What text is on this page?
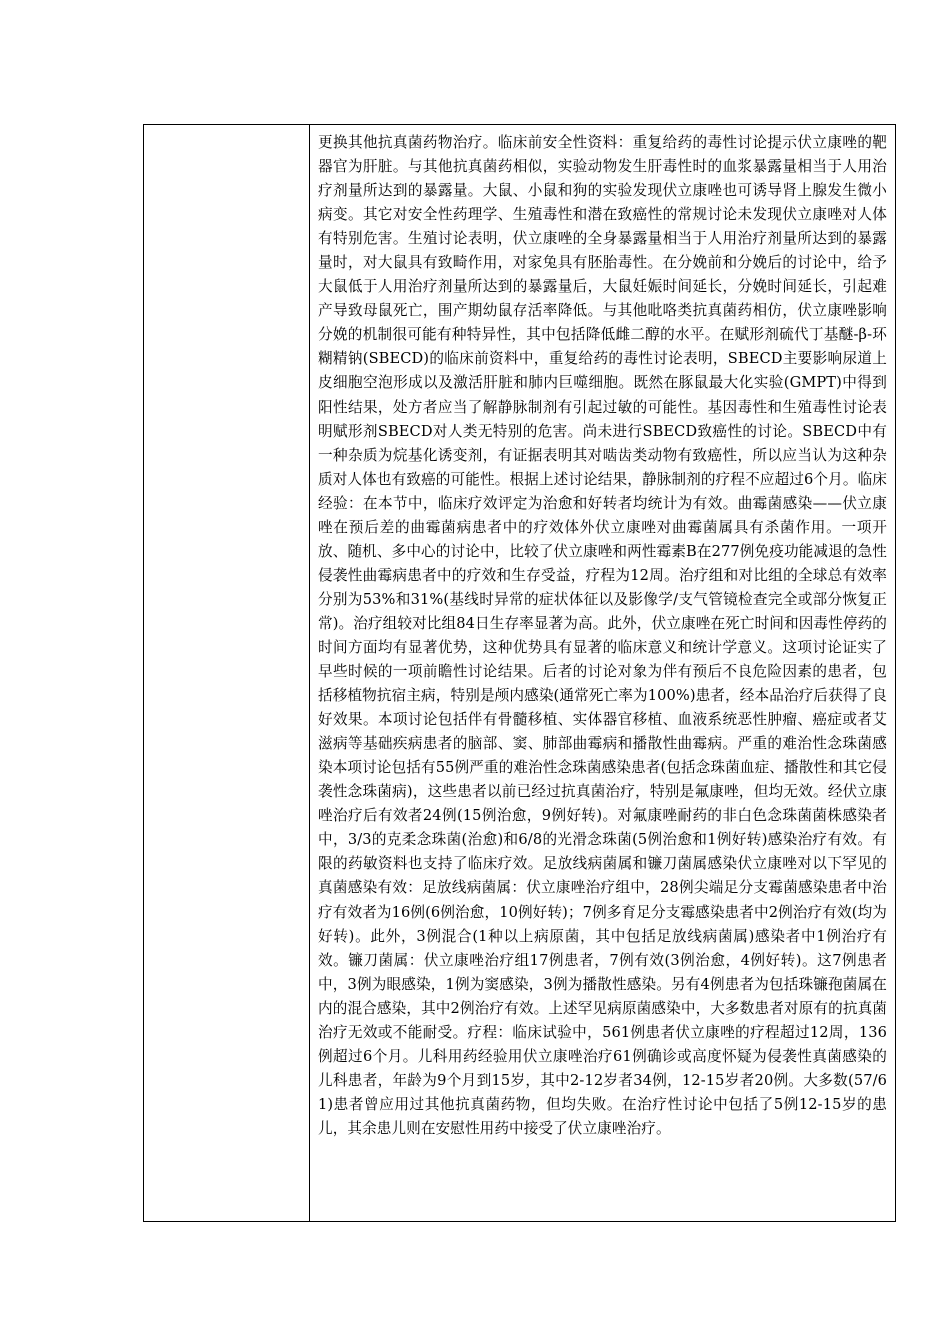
更换其他抗真菌药物治疗。临床前安全性资料：重复给药的毒性讨论提示伏立康唑的靶器官为肝脏。与其他抗真菌药相似，实验动物发生肝毒性时的血浆暴露量相当于人用治疗剂量所达到的暴露量。大鼠、小鼠和狗的实验发现伏立康唑也可诱导肾上腺发生微小病变。其它对安全性药理学、生殖毒性和潜在致癌性的常规讨论未发现伏立康唑对人体有特别危害。生殖讨论表明，伏立康唑的全身暴露量相当于人用治疗剂量所达到的暴露量时，对大鼠具有致畸作用，对家兔具有胚胎毒性。在分娩前和分娩后的讨论中，给予大鼠低于人用治疗剂量所达到的暴露量后，大鼠妊娠时间延长，分娩时间延长，引起难产导致母鼠死亡，围产期幼鼠存活率降低。与其他吡咯类抗真菌药相仿，伏立康唑影响分娩的机制很可能有种特异性，其中包括降低雌二醇的水平。在赋形剂硫代丁基醚-β-环糊精钠(SBECD)的临床前资料中，重复给药的毒性讨论表明，SBECD主要影响尿道上皮细胞空泡形成以及激活肝脏和肺内巨噬细胞。既然在豚鼠最大化实验(GMPT)中得到阳性结果，处方者应当了解静脉制剂有引起过敏的可能性。基因毒性和生殖毒性讨论表明赋形剂SBECD对人类无特别的危害。尚未进行SBECD致癌性的讨论。SBECD中有一种杂质为烷基化诱变剂，有证据表明其对啮齿类动物有致癌性，所以应当认为这种杂质对人体也有致癌的可能性。根据上述讨论结果，静脉制剂的疗程不应超过6个月。临床经验：在本节中，临床疗效评定为治愈和好转者均统计为有效。曲霉菌感染——伏立康唑在预后差的曲霉菌病患者中的疗效体外伏立康唑对曲霉菌属具有杀菌作用。一项开放、随机、多中心的讨论中，比较了伏立康唑和两性霉素B在277例免疫功能减退的急性侵袭性曲霉病患者中的疗效和生存受益，疗程为12周。治疗组和对比组的全球总有效率分别为53%和31%(基线时异常的症状体征以及影像学/支气管镜检查完全或部分恢复正常)。治疗组较对比组84日生存率显著为高。此外，伏立康唑在死亡时间和因毒性停药的时间方面均有显著优势，这种优势具有显著的临床意义和统计学意义。这项讨论证实了早些时候的一项前瞻性讨论结果。后者的讨论对象为伴有预后不良危险因素的患者，包括移植物抗宿主病，特别是颅内感染(通常死亡率为100%)患者，经本品治疗后获得了良好效果。本项讨论包括伴有骨髓移植、实体器官移植、血液系统恶性肿瘤、癌症或者艾滋病等基础疾病患者的脑部、窦、肺部曲霉病和播散性曲霉病。严重的难治性念珠菌感染本项讨论包括有55例严重的难治性念珠菌感染患者(包括念珠菌血症、播散性和其它侵袭性念珠菌病)，这些患者以前已经过抗真菌治疗，特别是氟康唑，但均无效。经伏立康唑治疗后有效者24例(15例治愈，9例好转)。对氟康唑耐药的非白色念珠菌菌株感染者中，3/3的克柔念珠菌(治愈)和6/8的光滑念珠菌(5例治愈和1例好转)感染治疗有效。有限的药敏资料也支持了临床疗效。足放线病菌属和镰刀菌属感染伏立康唑对以下罕见的真菌感染有效：足放线病菌属：伏立康唑治疗组中，28例尖端足分支霉菌感染患者中治疗有效者为16例(6例治愈，10例好转)；7例多育足分支霉感染患者中2例治疗有效(均为好转)。此外，3例混合(1种以上病原菌，其中包括足放线病菌属)感染者中1例治疗有效。镰刀菌属：伏立康唑治疗组17例患者，7例有效(3例治愈，4例好转)。这7例患者中，3例为眼感染，1例为窦感染，3例为播散性感染。另有4例患者为包括珠镰孢菌属在内的混合感染，其中2例治疗有效。上述罕见病原菌感染中，大多数患者对原有的抗真菌治疗无效或不能耐受。疗程：临床试验中，561例患者伏立康唑的疗程超过12周，136例超过6个月。儿科用药经验用伏立康唑治疗61例确诊或高度怀疑为侵袭性真菌感染的儿科患者，年龄为9个月到15岁，其中2-12岁者34例，12-15岁者20例。大多数(57/61)患者曾应用过其他抗真菌药物，但均失败。在治疗性讨论中包括了5例12-15岁的患儿，其余患儿则在安慰性用药中接受了伏立康唑治疗。
